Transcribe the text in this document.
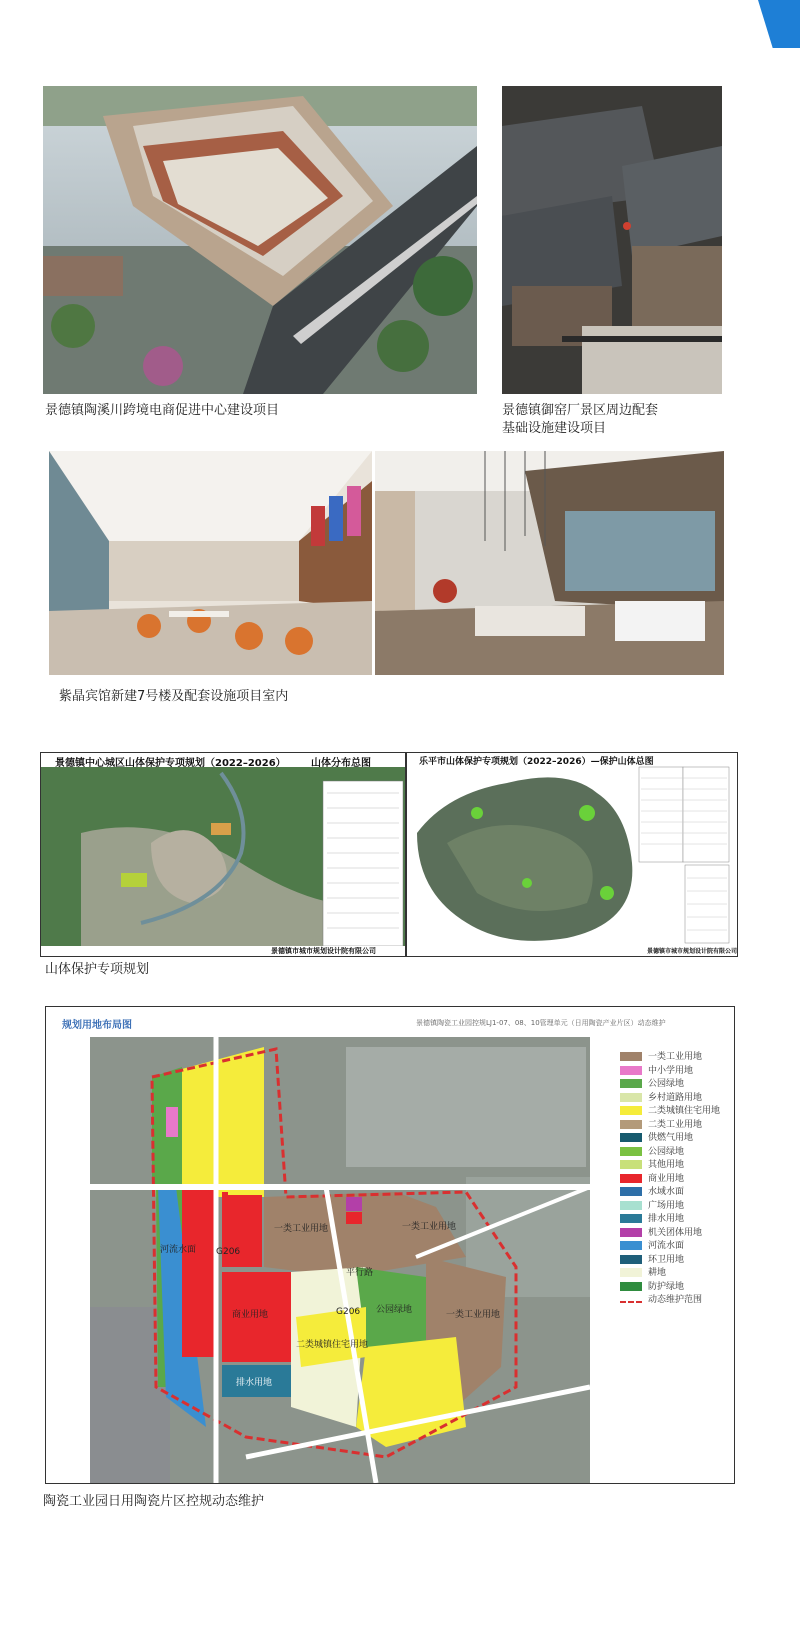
景德镇陶溪川跨境电商促进中心建设项目	景德镇御窑厂景区周边配套
基础设施建设项目
紫晶宾馆新建7号楼及配套设施项目室内
景德镇中心城区山体保护专项规划（2022–2026）	山体分布总图
景德镇市城市规划设计院有限公司
乐平市山体保护专项规划（2022–2026）—保护山体总图
景德镇市城市规划设计院有限公司
山体保护专项规划
规划用地布局图	景德镇陶瓷工业园控规LJ1-07、08、10管理单元（日用陶瓷产业片区）动态维护
G206
G206
商业用地
一类工业用地	一类工业用地
一类工业用地
二类城镇住宅用地
公园绿地
排水用地
河流水面
平行路
一类工业用地
中小学用地
公园绿地
乡村道路用地
二类城镇住宅用地
二类工业用地
供燃气用地
公园绿地
其他用地
商业用地
水域水面
广场用地
排水用地
机关团体用地
河流水面
环卫用地
耕地
防护绿地
动态维护范围
陶瓷工业园日用陶瓷片区控规动态维护
